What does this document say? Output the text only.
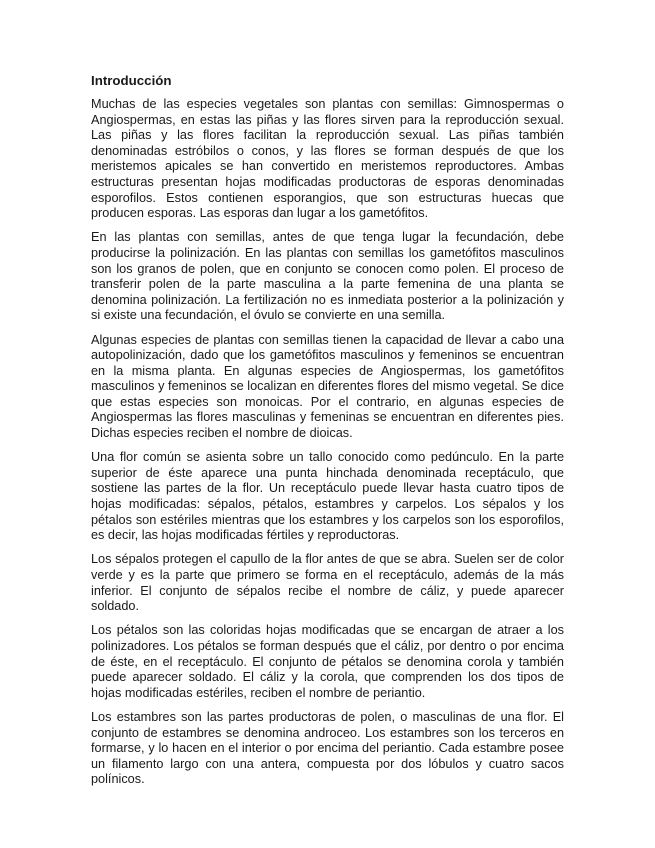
Introducción

Muchas de las especies vegetales son plantas con semillas: Gimnospermas o Angiospermas, en estas las piñas y las flores sirven para la reproducción sexual. Las piñas y las flores facilitan la reproducción sexual. Las piñas también denominadas estróbilos o conos, y las flores se forman después de que los meristemos apicales se han convertido en meristemos reproductores. Ambas estructuras presentan hojas modificadas productoras de esporas denominadas esporofilos. Estos contienen esporangios, que son estructuras huecas que producen esporas. Las esporas dan lugar a los gametófitos.

En las plantas con semillas, antes de que tenga lugar la fecundación, debe producirse la polinización. En las plantas con semillas los gametófitos masculinos son los granos de polen, que en conjunto se conocen como polen. El proceso de transferir polen de la parte masculina a la parte femenina de una planta se denomina polinización. La fertilización no es inmediata posterior a la polinización y si existe una fecundación, el óvulo se convierte en una semilla.

Algunas especies de plantas con semillas tienen la capacidad de llevar a cabo una autopolinización, dado que los gametófitos masculinos y femeninos se encuentran en la misma planta. En algunas especies de Angiospermas, los gametófitos masculinos y femeninos se localizan en diferentes flores del mismo vegetal. Se dice que estas especies son monoicas. Por el contrario, en algunas especies de Angiospermas las flores masculinas y femeninas se encuentran en diferentes pies. Dichas especies reciben el nombre de dioicas.

Una flor común se asienta sobre un tallo conocido como pedúnculo. En la parte superior de éste aparece una punta hinchada denominada receptáculo, que sostiene las partes de la flor. Un receptáculo puede llevar hasta cuatro tipos de hojas modificadas: sépalos, pétalos, estambres y carpelos. Los sépalos y los pétalos son estériles mientras que los estambres y los carpelos son los esporofilos, es decir, las hojas modificadas fértiles y reproductoras.

Los sépalos protegen el capullo de la flor antes de que se abra. Suelen ser de color verde y es la parte que primero se forma en el receptáculo, además de la más inferior. El conjunto de sépalos recibe el nombre de cáliz, y puede aparecer soldado.

Los pétalos son las coloridas hojas modificadas que se encargan de atraer a los polinizadores. Los pétalos se forman después que el cáliz, por dentro o por encima de éste, en el receptáculo. El conjunto de pétalos se denomina corola y también puede aparecer soldado. El cáliz y la corola, que comprenden los dos tipos de hojas modificadas estériles, reciben el nombre de periantio.

Los estambres son las partes productoras de polen, o masculinas de una flor. El conjunto de estambres se denomina androceo. Los estambres son los terceros en formarse, y lo hacen en el interior o por encima del periantio. Cada estambre posee un filamento largo con una antera, compuesta por dos lóbulos y cuatro sacos polínicos.
